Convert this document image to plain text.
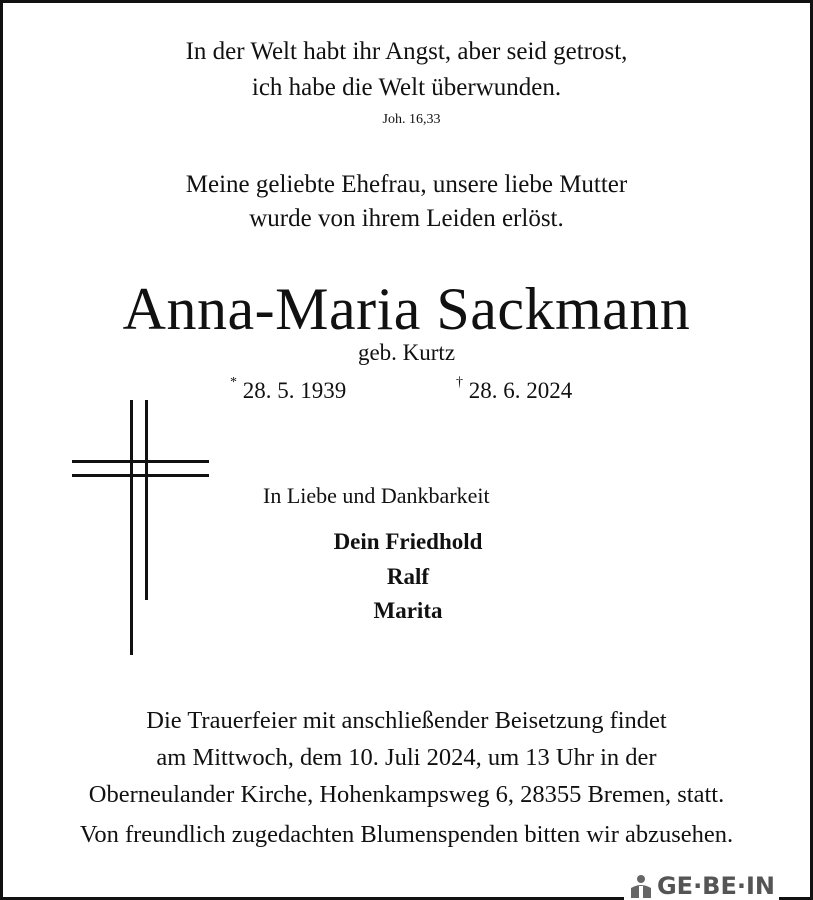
In der Welt habt ihr Angst, aber seid getrost,
ich habe die Welt überwunden.
Joh. 16,33
Meine geliebte Ehefrau, unsere liebe Mutter
wurde von ihrem Leiden erlöst.
Anna-Maria Sackmann
geb. Kurtz
* 28. 5. 1939	† 28. 6. 2024
In Liebe und Dankbarkeit
Dein Friedhold
Ralf
Marita
Die Trauerfeier mit anschließender Beisetzung findet
am Mittwoch, dem 10. Juli 2024, um 13 Uhr in der
Oberneulander Kirche, Hohenkampsweg 6, 28355 Bremen, statt.
Von freundlich zugedachten Blumenspenden bitten wir abzusehen.
GE·BE·IN
